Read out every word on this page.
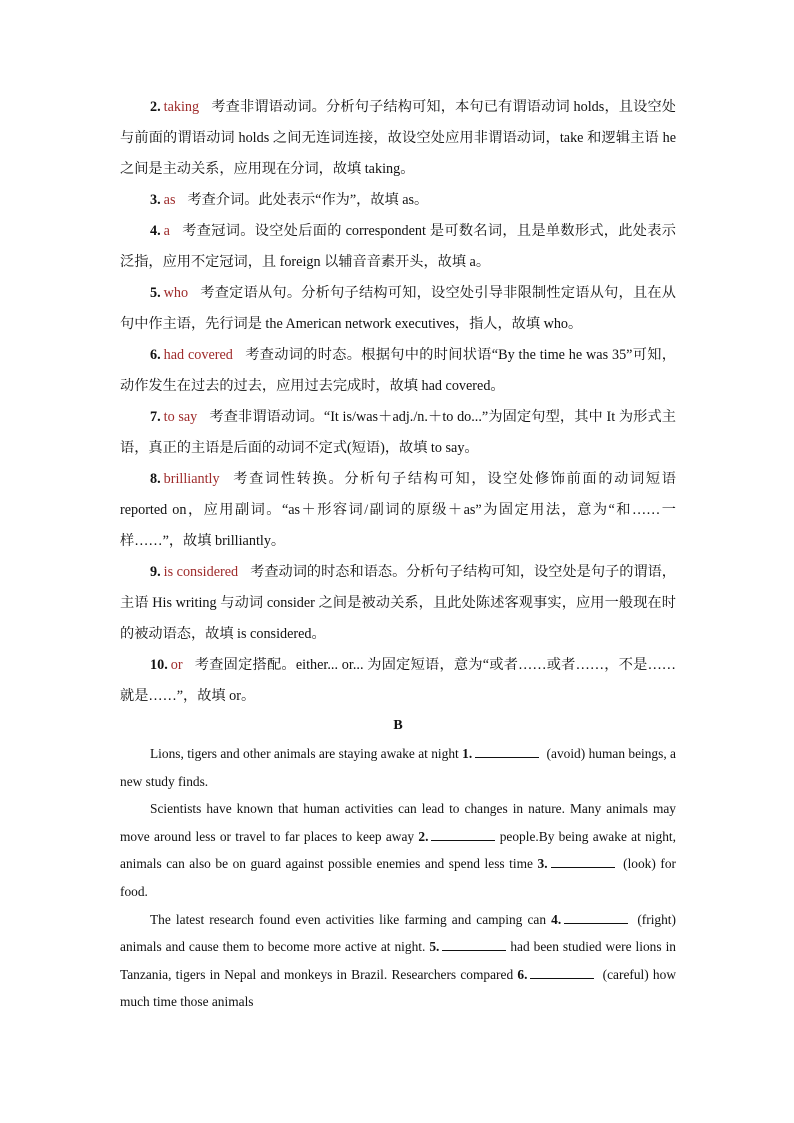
2. taking 考查非谓语动词。分析句子结构可知，本句已有谓语动词 holds，且设空处与前面的谓语动词 holds 之间无连词连接，故设空处应用非谓语动词，take 和逻辑主语 he 之间是主动关系，应用现在分词，故填 taking。

3. as 考查介词。此处表示“作为”，故填 as。

4. a 考查冠词。设空处后面的 correspondent 是可数名词，且是单数形式，此处表示泛指，应用不定冠词，且 foreign 以辅音音素开头，故填 a。

5. who 考查定语从句。分析句子结构可知，设空处引导非限制性定语从句，且在从句中作主语，先行词是 the American network executives，指人，故填 who。

6. had covered 考查动词的时态。根据句中的时间状语“By the time he was 35”可知，动作发生在过去的过去，应用过去完成时，故填 had covered。

7. to say 考查非谓语动词。“It is/was＋adj./n.＋to do...”为固定句型，其中 It 为形式主语，真正的主语是后面的动词不定式(短语)，故填 to say。

8. brilliantly 考查词性转换。分析句子结构可知，设空处修饰前面的动词短语 reported on，应用副词。“as＋形容词/副词的原级＋as”为固定用法，意为“和……一样……”，故填 brilliantly。

9. is considered 考查动词的时态和语态。分析句子结构可知，设空处是句子的谓语，主语 His writing 与动词 consider 之间是被动关系，且此处陈述客观事实，应用一般现在时的被动语态，故填 is considered。

10. or 考查固定搭配。either... or... 为固定短语，意为“或者……或者……，不是……就是……”，故填 or。

B

Lions, tigers and other animals are staying awake at night 1.	(avoid) human beings, a new study finds.

Scientists have known that human activities can lead to changes in nature. Many animals may move around less or travel to far places to keep away 2.	people.By being awake at night, animals can also be on guard against possible enemies and spend less time 3.	(look) for food.

The latest research found even activities like farming and camping can 4.	(fright) animals and cause them to become more active at night. 5.	had been studied were lions in Tanzania, tigers in Nepal and monkeys in Brazil. Researchers compared 6.	(careful) how much time those animals
